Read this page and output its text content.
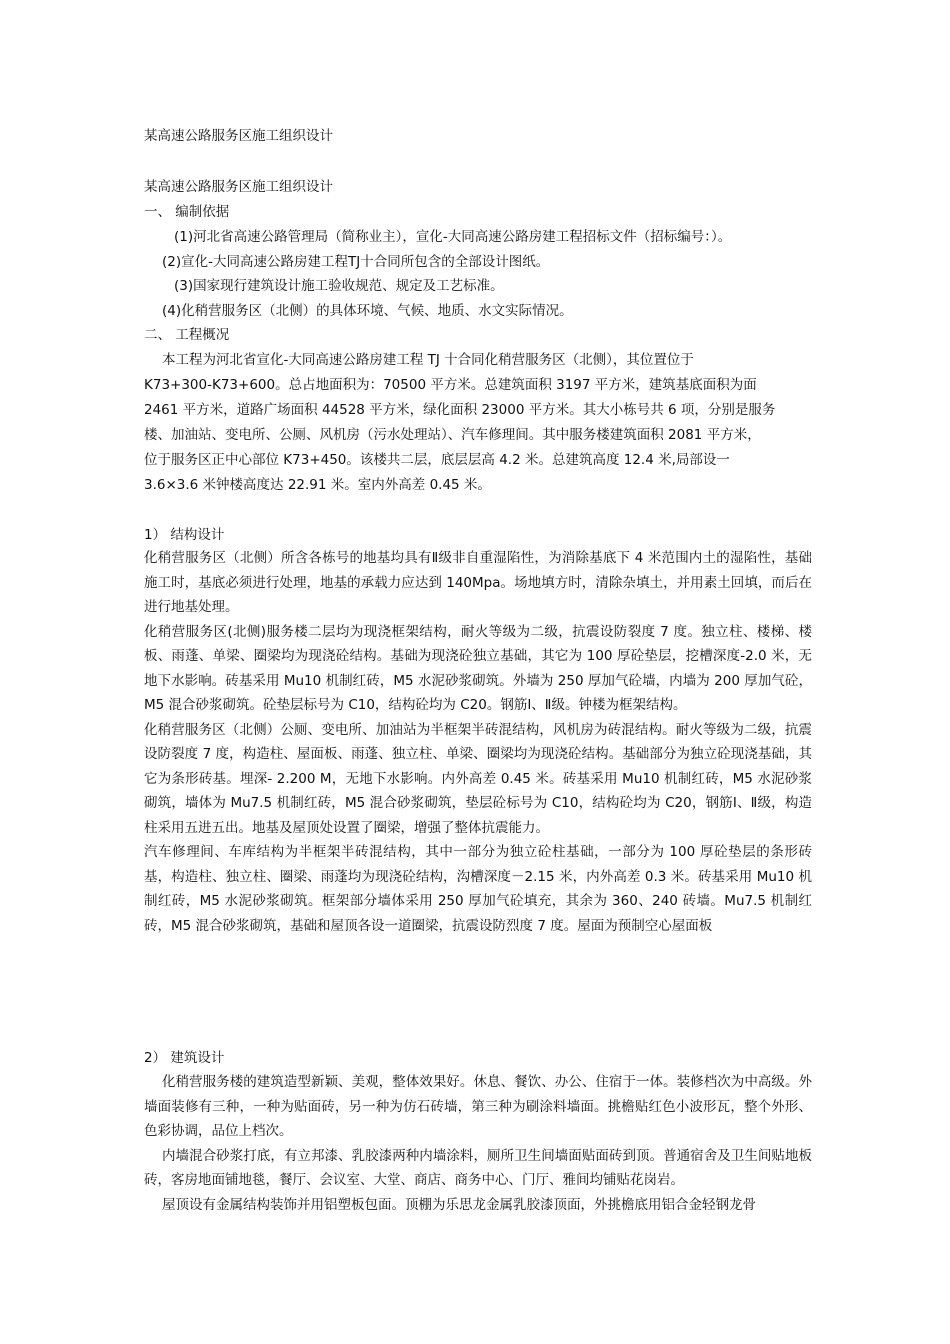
某高速公路服务区施工组织设计

某高速公路服务区施工组织设计

一、 编制依据

(1)河北省高速公路管理局（简称业主），宣化-大同高速公路房建工程招标文件（招标编号：）。

(2)宣化-大同高速公路房建工程TJ十合同所包含的全部设计图纸。

(3)国家现行建筑设计施工验收规范、规定及工艺标准。

(4)化稍营服务区（北侧）的具体环境、气候、地质、水文实际情况。

二、 工程概况

本工程为河北省宣化-大同高速公路房建工程 TJ 十合同化稍营服务区（北侧），其位置位于

K73+300-K73+600。总占地面积为：70500 平方米。总建筑面积 3197 平方米，建筑基底面积为面

2461 平方米，道路广场面积 44528 平方米，绿化面积 23000 平方米。其大小栋号共 6 项，分别是服务

楼、加油站、变电所、公厕、风机房（污水处理站）、汽车修理间。其中服务楼建筑面积 2081 平方米，

位于服务区正中心部位 K73+450。该楼共二层，底层层高 4.2 米。总建筑高度 12.4 米,局部设一

3.6×3.6 米钟楼高度达 22.91 米。室内外高差 0.45 米。

1） 结构设计

化稍营服务区（北侧）所含各栋号的地基均具有Ⅱ级非自重湿陷性，为消除基底下 4 米范围内土的湿陷性，基础施工时，基底必须进行处理，地基的承载力应达到 140Mpa。场地填方时，清除杂填土，并用素土回填，而后在进行地基处理。

化稍营服务区(北侧)服务楼二层均为现浇框架结构，耐火等级为二级，抗震设防裂度 7 度。独立柱、楼梯、楼板、雨蓬、单梁、圈梁均为现浇砼结构。基础为现浇砼独立基础，其它为 100 厚砼垫层，挖槽深度-2.0 米，无地下水影响。砖基采用 Mu10 机制红砖，M5 水泥砂浆砌筑。外墙为 250 厚加气砼墙，内墙为 200 厚加气砼，M5 混合砂浆砌筑。砼垫层标号为 C10，结构砼均为 C20。钢筋Ⅰ、Ⅱ级。钟楼为框架结构。

化稍营服务区（北侧）公厕、变电所、加油站为半框架半砖混结构，风机房为砖混结构。耐火等级为二级，抗震设防裂度 7 度，构造柱、屋面板、雨蓬、独立柱、单梁、圈梁均为现浇砼结构。基础部分为独立砼现浇基础，其它为条形砖基。埋深- 2.200 M，无地下水影响。内外高差 0.45 米。砖基采用 Mu10 机制红砖，M5 水泥砂浆砌筑，墙体为 Mu7.5 机制红砖，M5 混合砂浆砌筑，垫层砼标号为 C10，结构砼均为 C20，钢筋Ⅰ、Ⅱ级，构造柱采用五进五出。地基及屋顶处设置了圈梁，增强了整体抗震能力。

汽车修理间、车库结构为半框架半砖混结构，其中一部分为独立砼柱基础，一部分为 100 厚砼垫层的条形砖基，构造柱、独立柱、圈梁、雨蓬均为现浇砼结构，沟槽深度－2.15 米，内外高差 0.3 米。砖基采用 Mu10 机制红砖，M5 水泥砂浆砌筑。框架部分墙体采用 250 厚加气砼填充，其余为 360、240 砖墙。Mu7.5 机制红砖，M5 混合砂浆砌筑，基础和屋顶各设一道圈梁，抗震设防烈度 7 度。屋面为预制空心屋面板

2） 建筑设计

化稍营服务楼的建筑造型新颖、美观，整体效果好。休息、餐饮、办公、住宿于一体。装修档次为中高级。外墙面装修有三种，一种为贴面砖，另一种为仿石砖墙，第三种为刷涂料墙面。挑檐贴红色小波形瓦，整个外形、色彩协调，品位上档次。

内墙混合砂浆打底，有立邦漆、乳胶漆两种内墙涂料，厕所卫生间墙面贴面砖到顶。普通宿舍及卫生间贴地板砖，客房地面铺地毯，餐厅、会议室、大堂、商店、商务中心、门厅、雅间均铺贴花岗岩。

屋顶设有金属结构装饰并用铝塑板包面。顶棚为乐思龙金属乳胶漆顶面，外挑檐底用铝合金轻钢龙骨
